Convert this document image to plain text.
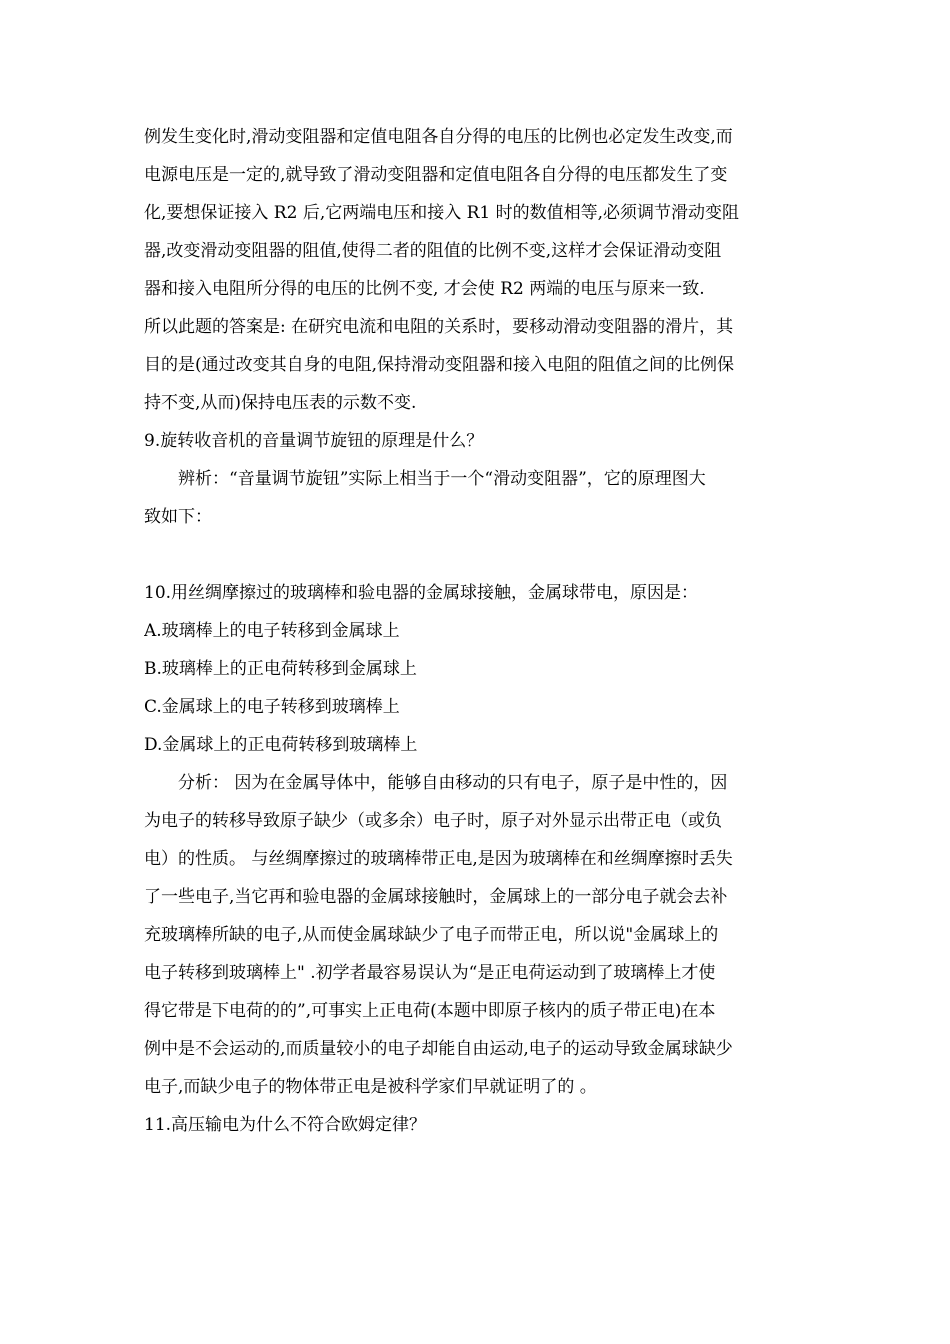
例发生变化时,滑动变阻器和定值电阻各自分得的电压的比例也必定发生改变,而
电源电压是一定的,就导致了滑动变阻器和定值电阻各自分得的电压都发生了变
化,要想保证接入 R2 后,它两端电压和接入 R1 时的数值相等,必须调节滑动变阻
器,改变滑动变阻器的阻值,使得二者的阻值的比例不变,这样才会保证滑动变阻
器和接入电阻所分得的电压的比例不变, 才会使 R2 两端的电压与原来一致.
所以此题的答案是: 在研究电流和电阻的关系时，要移动滑动变阻器的滑片，其
目的是(通过改变其自身的电阻,保持滑动变阻器和接入电阻的阻值之间的比例保
持不变,从而)保持电压表的示数不变.
9.旋转收音机的音量调节旋钮的原理是什么？
辨析：“音量调节旋钮”实际上相当于一个“滑动变阻器”，它的原理图大
致如下：
10.用丝绸摩擦过的玻璃棒和验电器的金属球接触，金属球带电，原因是：
A.玻璃棒上的电子转移到金属球上
B.玻璃棒上的正电荷转移到金属球上
C.金属球上的电子转移到玻璃棒上
D.金属球上的正电荷转移到玻璃棒上
分析： 因为在金属导体中，能够自由移动的只有电子，原子是中性的，因
为电子的转移导致原子缺少（或多余）电子时，原子对外显示出带正电（或负
电）的性质。 与丝绸摩擦过的玻璃棒带正电,是因为玻璃棒在和丝绸摩擦时丢失
了一些电子,当它再和验电器的金属球接触时，金属球上的一部分电子就会去补
充玻璃棒所缺的电子,从而使金属球缺少了电子而带正电，所以说"金属球上的
电子转移到玻璃棒上" .初学者最容易误认为“是正电荷运动到了玻璃棒上才使
得它带是下电荷的的”,可事实上正电荷(本题中即原子核内的质子带正电)在本
例中是不会运动的,而质量较小的电子却能自由运动,电子的运动导致金属球缺少
电子,而缺少电子的物体带正电是被科学家们早就证明了的 。
11.高压输电为什么不符合欧姆定律？
